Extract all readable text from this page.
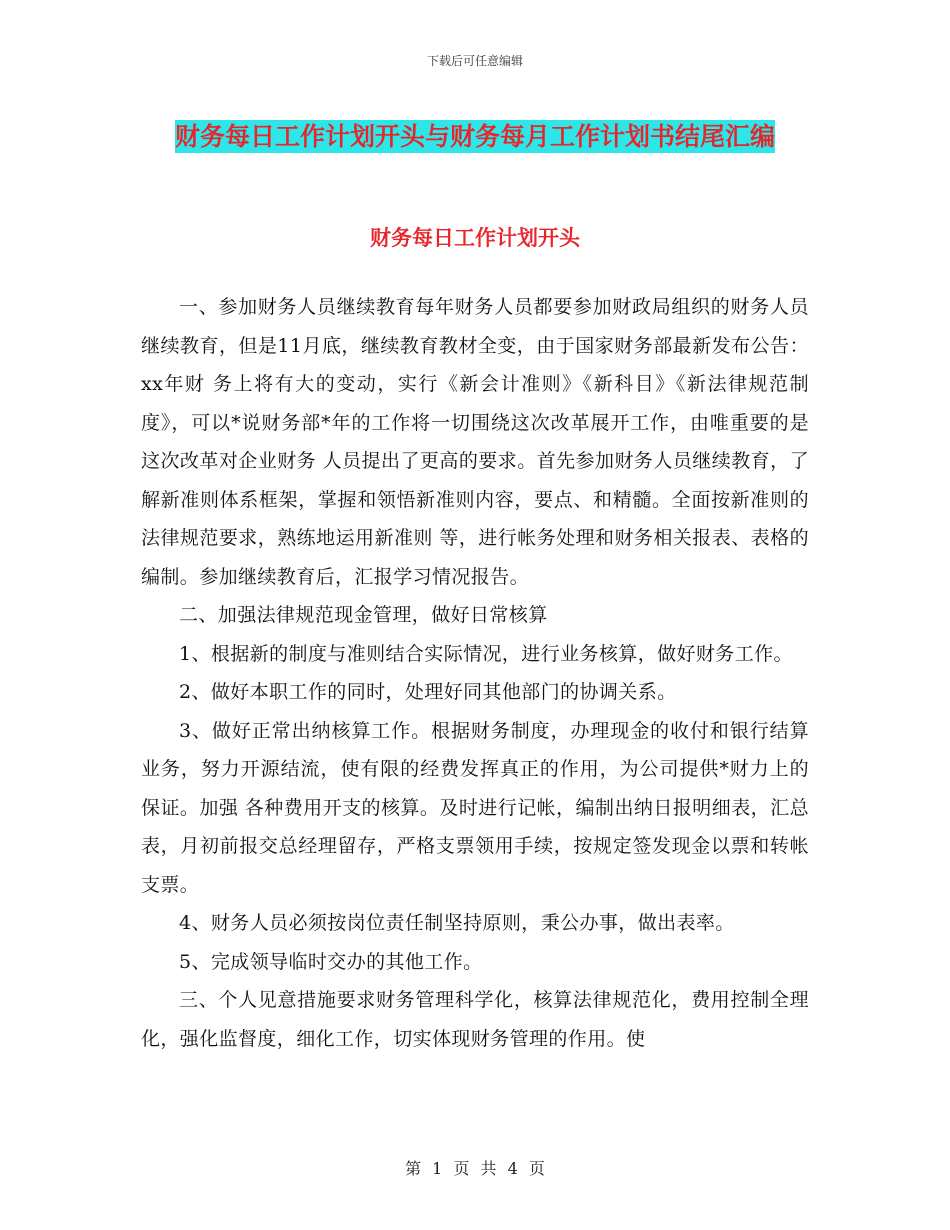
下载后可任意编辑
财务每日工作计划开头与财务每月工作计划书结尾汇编
财务每日工作计划开头

一、参加财务人员继续教育每年财务人员都要参加财政局组织的财务人员继续教育，但是11月底，继续教育教材全变，由于国家财务部最新发布公告：xx年财 务上将有大的变动，实行《新会计准则》《新科目》《新法律规范制度》，可以*说财务部*年的工作将一切围绕这次改革展开工作，由唯重要的是这次改革对企业财务 人员提出了更高的要求。首先参加财务人员继续教育，了解新准则体系框架，掌握和领悟新准则内容，要点、和精髓。全面按新准则的法律规范要求，熟练地运用新准则 等，进行帐务处理和财务相关报表、表格的编制。参加继续教育后，汇报学习情况报告。

二、加强法律规范现金管理，做好日常核算

1、根据新的制度与准则结合实际情况，进行业务核算，做好财务工作。

2、做好本职工作的同时，处理好同其他部门的协调关系。

3、做好正常出纳核算工作。根据财务制度，办理现金的收付和银行结算业务，努力开源结流，使有限的经费发挥真正的作用，为公司提供*财力上的保证。加强 各种费用开支的核算。及时进行记帐，编制出纳日报明细表，汇总表，月初前报交总经理留存，严格支票领用手续，按规定签发现金以票和转帐支票。

4、财务人员必须按岗位责任制坚持原则，秉公办事，做出表率。

5、完成领导临时交办的其他工作。

三、个人见意措施要求财务管理科学化，核算法律规范化，费用控制全理化，强化监督度，细化工作，切实体现财务管理的作用。使

第 1 页 共 4 页
